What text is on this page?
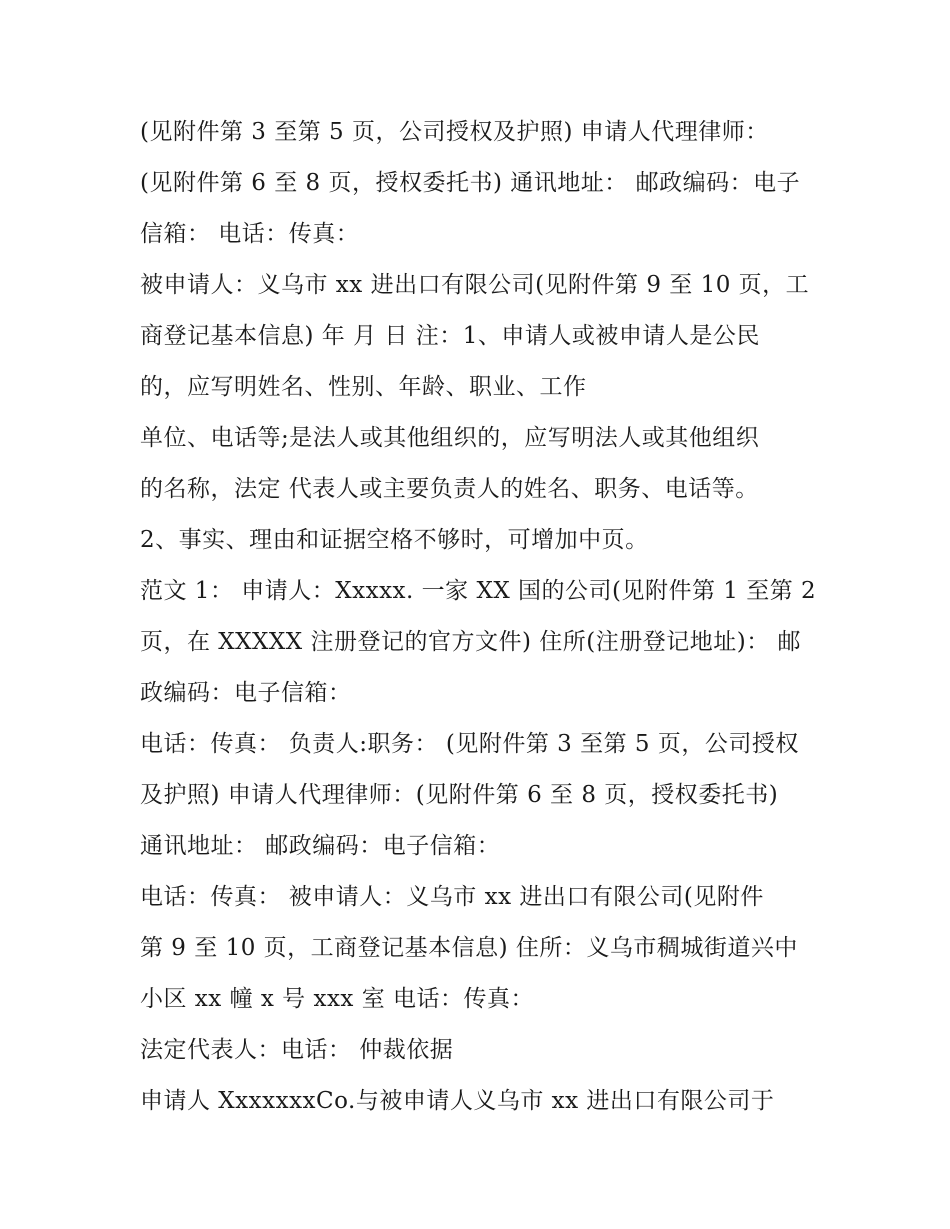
(见附件第 3 至第 5 页，公司授权及护照) 申请人代理律师：
(见附件第 6 至 8 页，授权委托书) 通讯地址： 邮政编码：电子
信箱： 电话：传真：
被申请人：义乌市 xx 进出口有限公司(见附件第 9 至 10 页，工
商登记基本信息) 年 月 日 注：1、申请人或被申请人是公民
的，应写明姓名、性别、年龄、职业、工作
单位、电话等;是法人或其他组织的，应写明法人或其他组织
的名称，法定 代表人或主要负责人的姓名、职务、电话等。
2、事实、理由和证据空格不够时，可增加中页。
范文 1： 申请人：Xxxxx. 一家 XX 国的公司(见附件第 1 至第 2
页，在 XXXXX 注册登记的官方文件) 住所(注册登记地址)： 邮
政编码：电子信箱：
电话：传真： 负责人:职务： (见附件第 3 至第 5 页，公司授权
及护照) 申请人代理律师：(见附件第 6 至 8 页，授权委托书)
通讯地址： 邮政编码：电子信箱：
电话：传真： 被申请人：义乌市 xx 进出口有限公司(见附件
第 9 至 10 页，工商登记基本信息) 住所：义乌市稠城街道兴中
小区 xx 幢 x 号 xxx 室 电话：传真：
法定代表人：电话： 仲裁依据
申请人 XxxxxxxCo.与被申请人义乌市 xx 进出口有限公司于
